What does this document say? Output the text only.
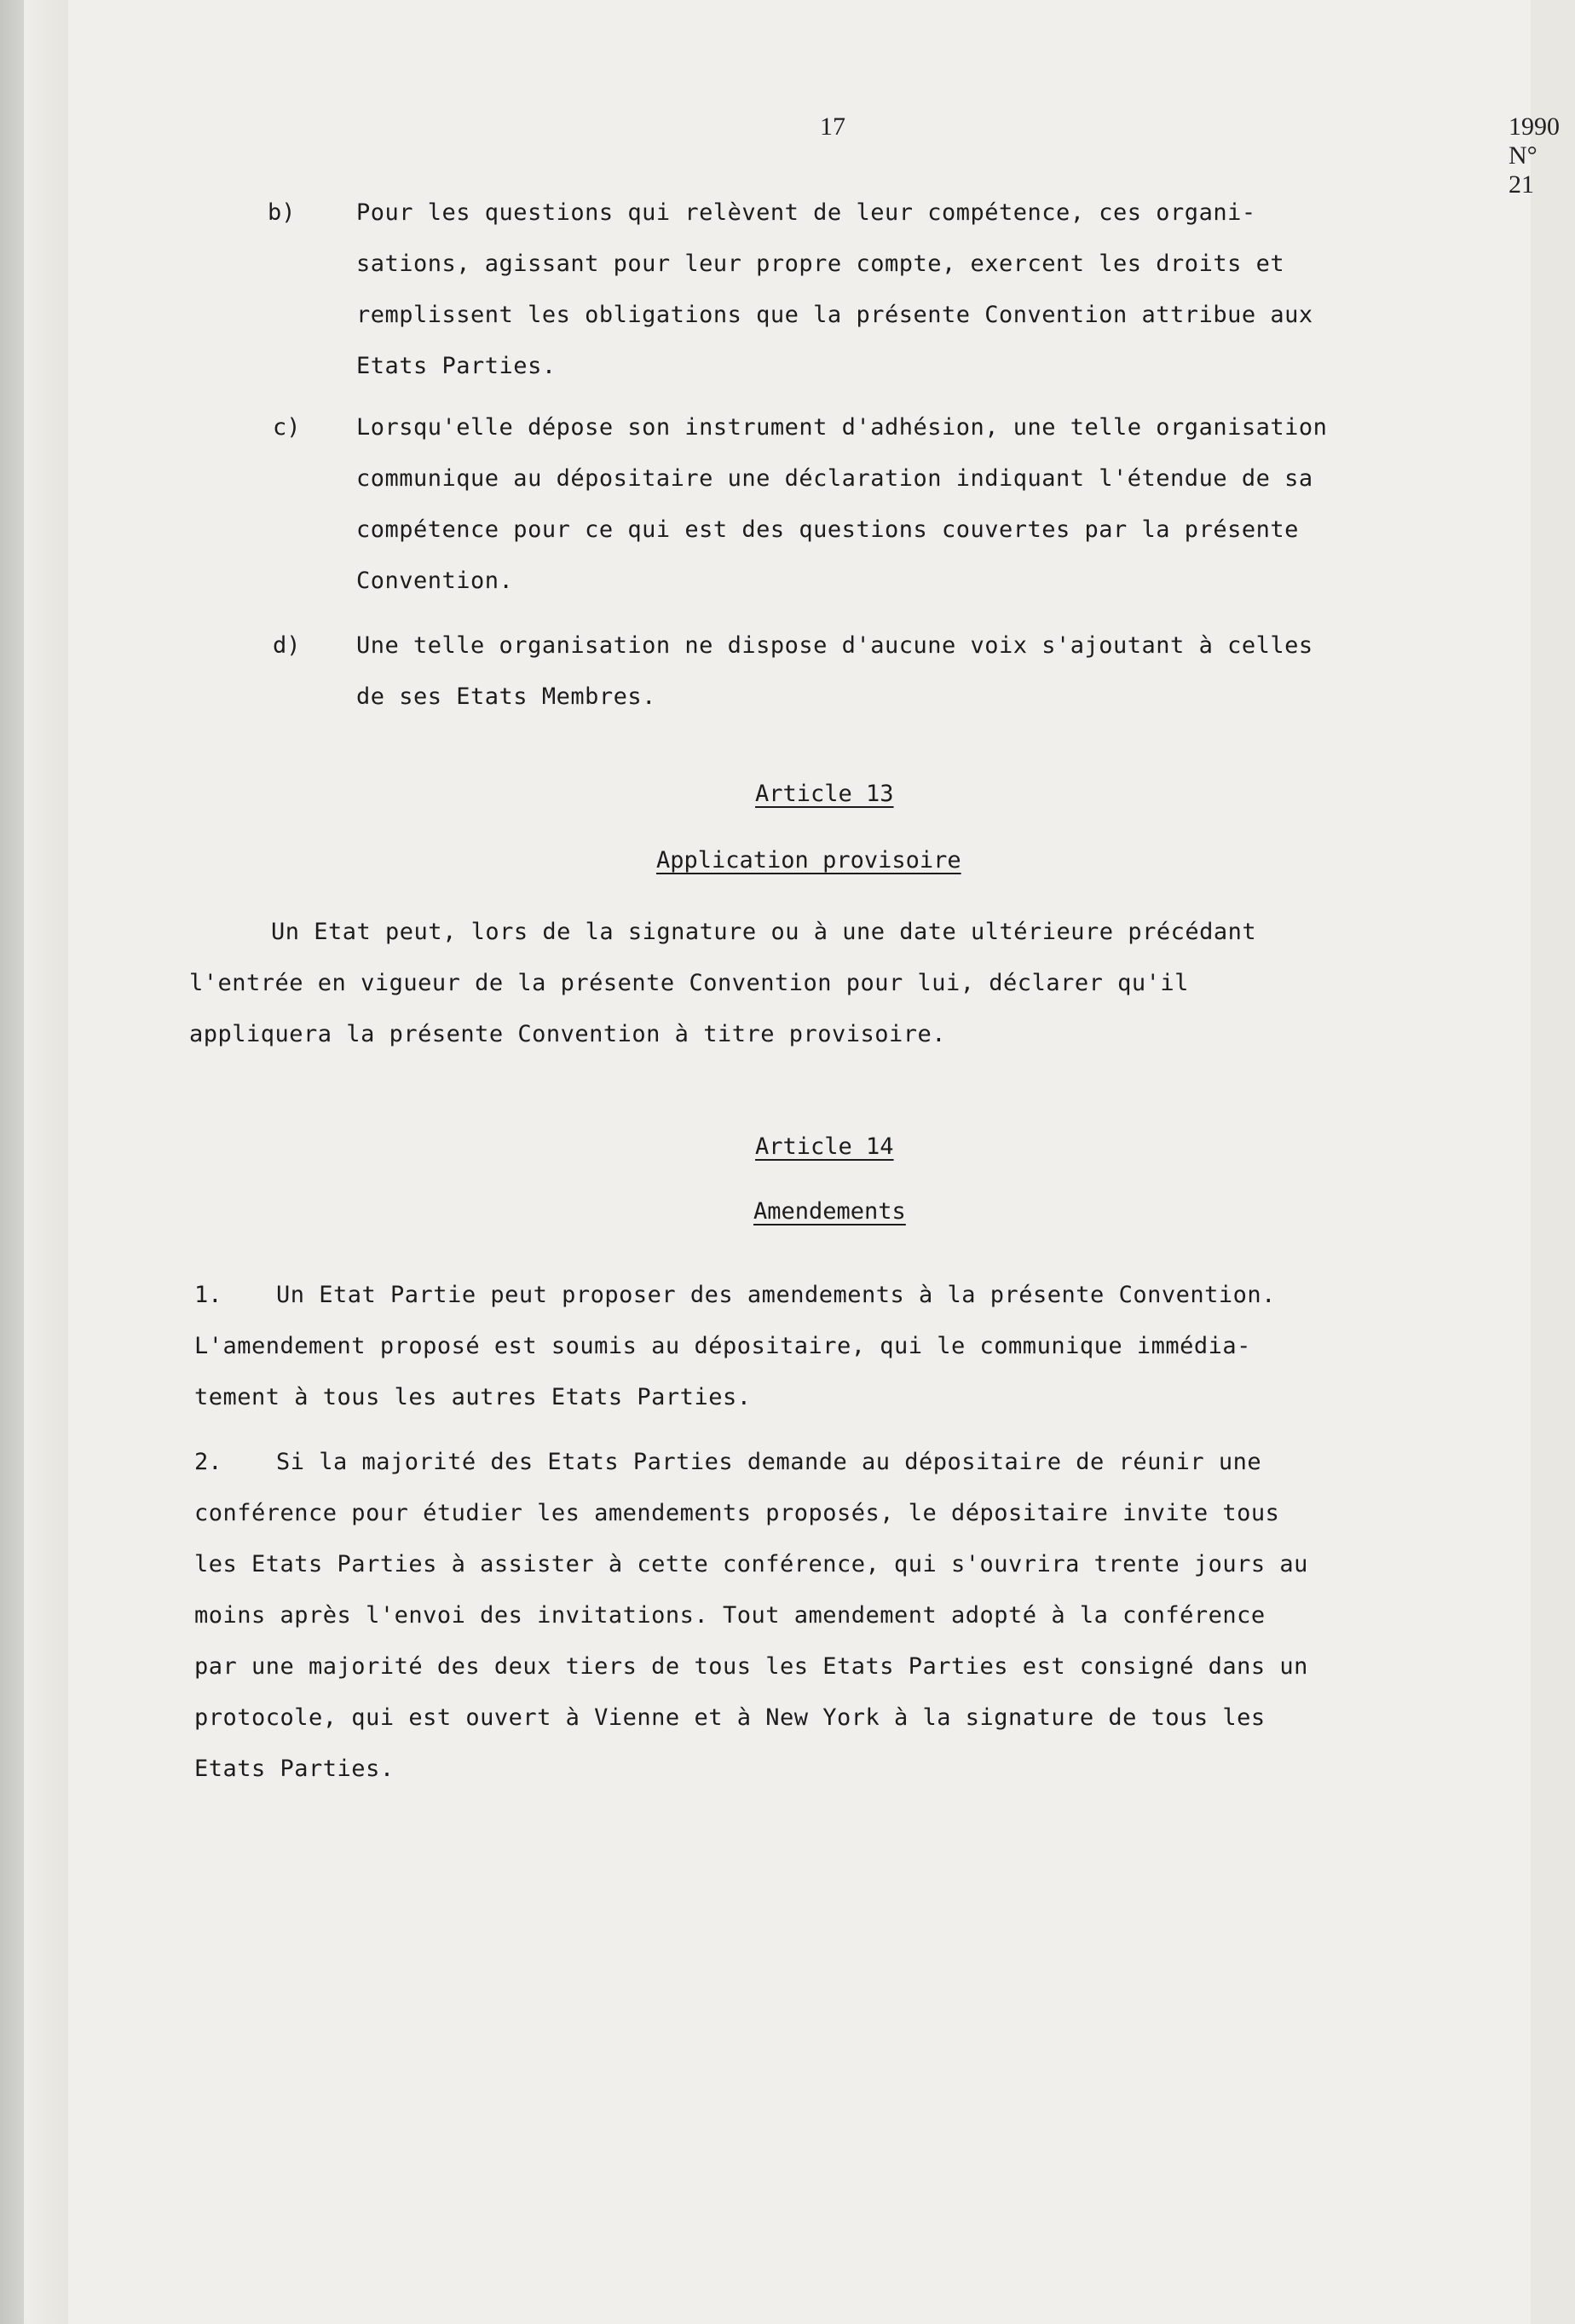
17	1990 N° 21
b)	Pour les questions qui relèvent de leur compétence, ces organi-
sations, agissant pour leur propre compte, exercent les droits et
remplissent les obligations que la présente Convention attribue aux
Etats Parties.
c) Lorsqu'elle dépose son instrument d'adhésion, une telle organisation
communique au dépositaire une déclaration indiquant l'étendue de sa
compétence pour ce qui est des questions couvertes par la présente
Convention.
d) Une telle organisation ne dispose d'aucune voix s'ajoutant à celles
de ses Etats Membres.
Article 13
Application provisoire
Un Etat peut, lors de la signature ou à une date ultérieure précédant
l'entrée en vigueur de la présente Convention pour lui, déclarer qu'il
appliquera la présente Convention à titre provisoire.
Article 14
Amendements
1.	Un Etat Partie peut proposer des amendements à la présente Convention.
L'amendement proposé est soumis au dépositaire, qui le communique immédia-
tement à tous les autres Etats Parties.
2.	Si la majorité des Etats Parties demande au dépositaire de réunir une
conférence pour étudier les amendements proposés, le dépositaire invite tous
les Etats Parties à assister à cette conférence, qui s'ouvrira trente jours au
moins après l'envoi des invitations. Tout amendement adopté à la conférence
par une majorité des deux tiers de tous les Etats Parties est consigné dans un
protocole, qui est ouvert à Vienne et à New York à la signature de tous les
Etats Parties.
